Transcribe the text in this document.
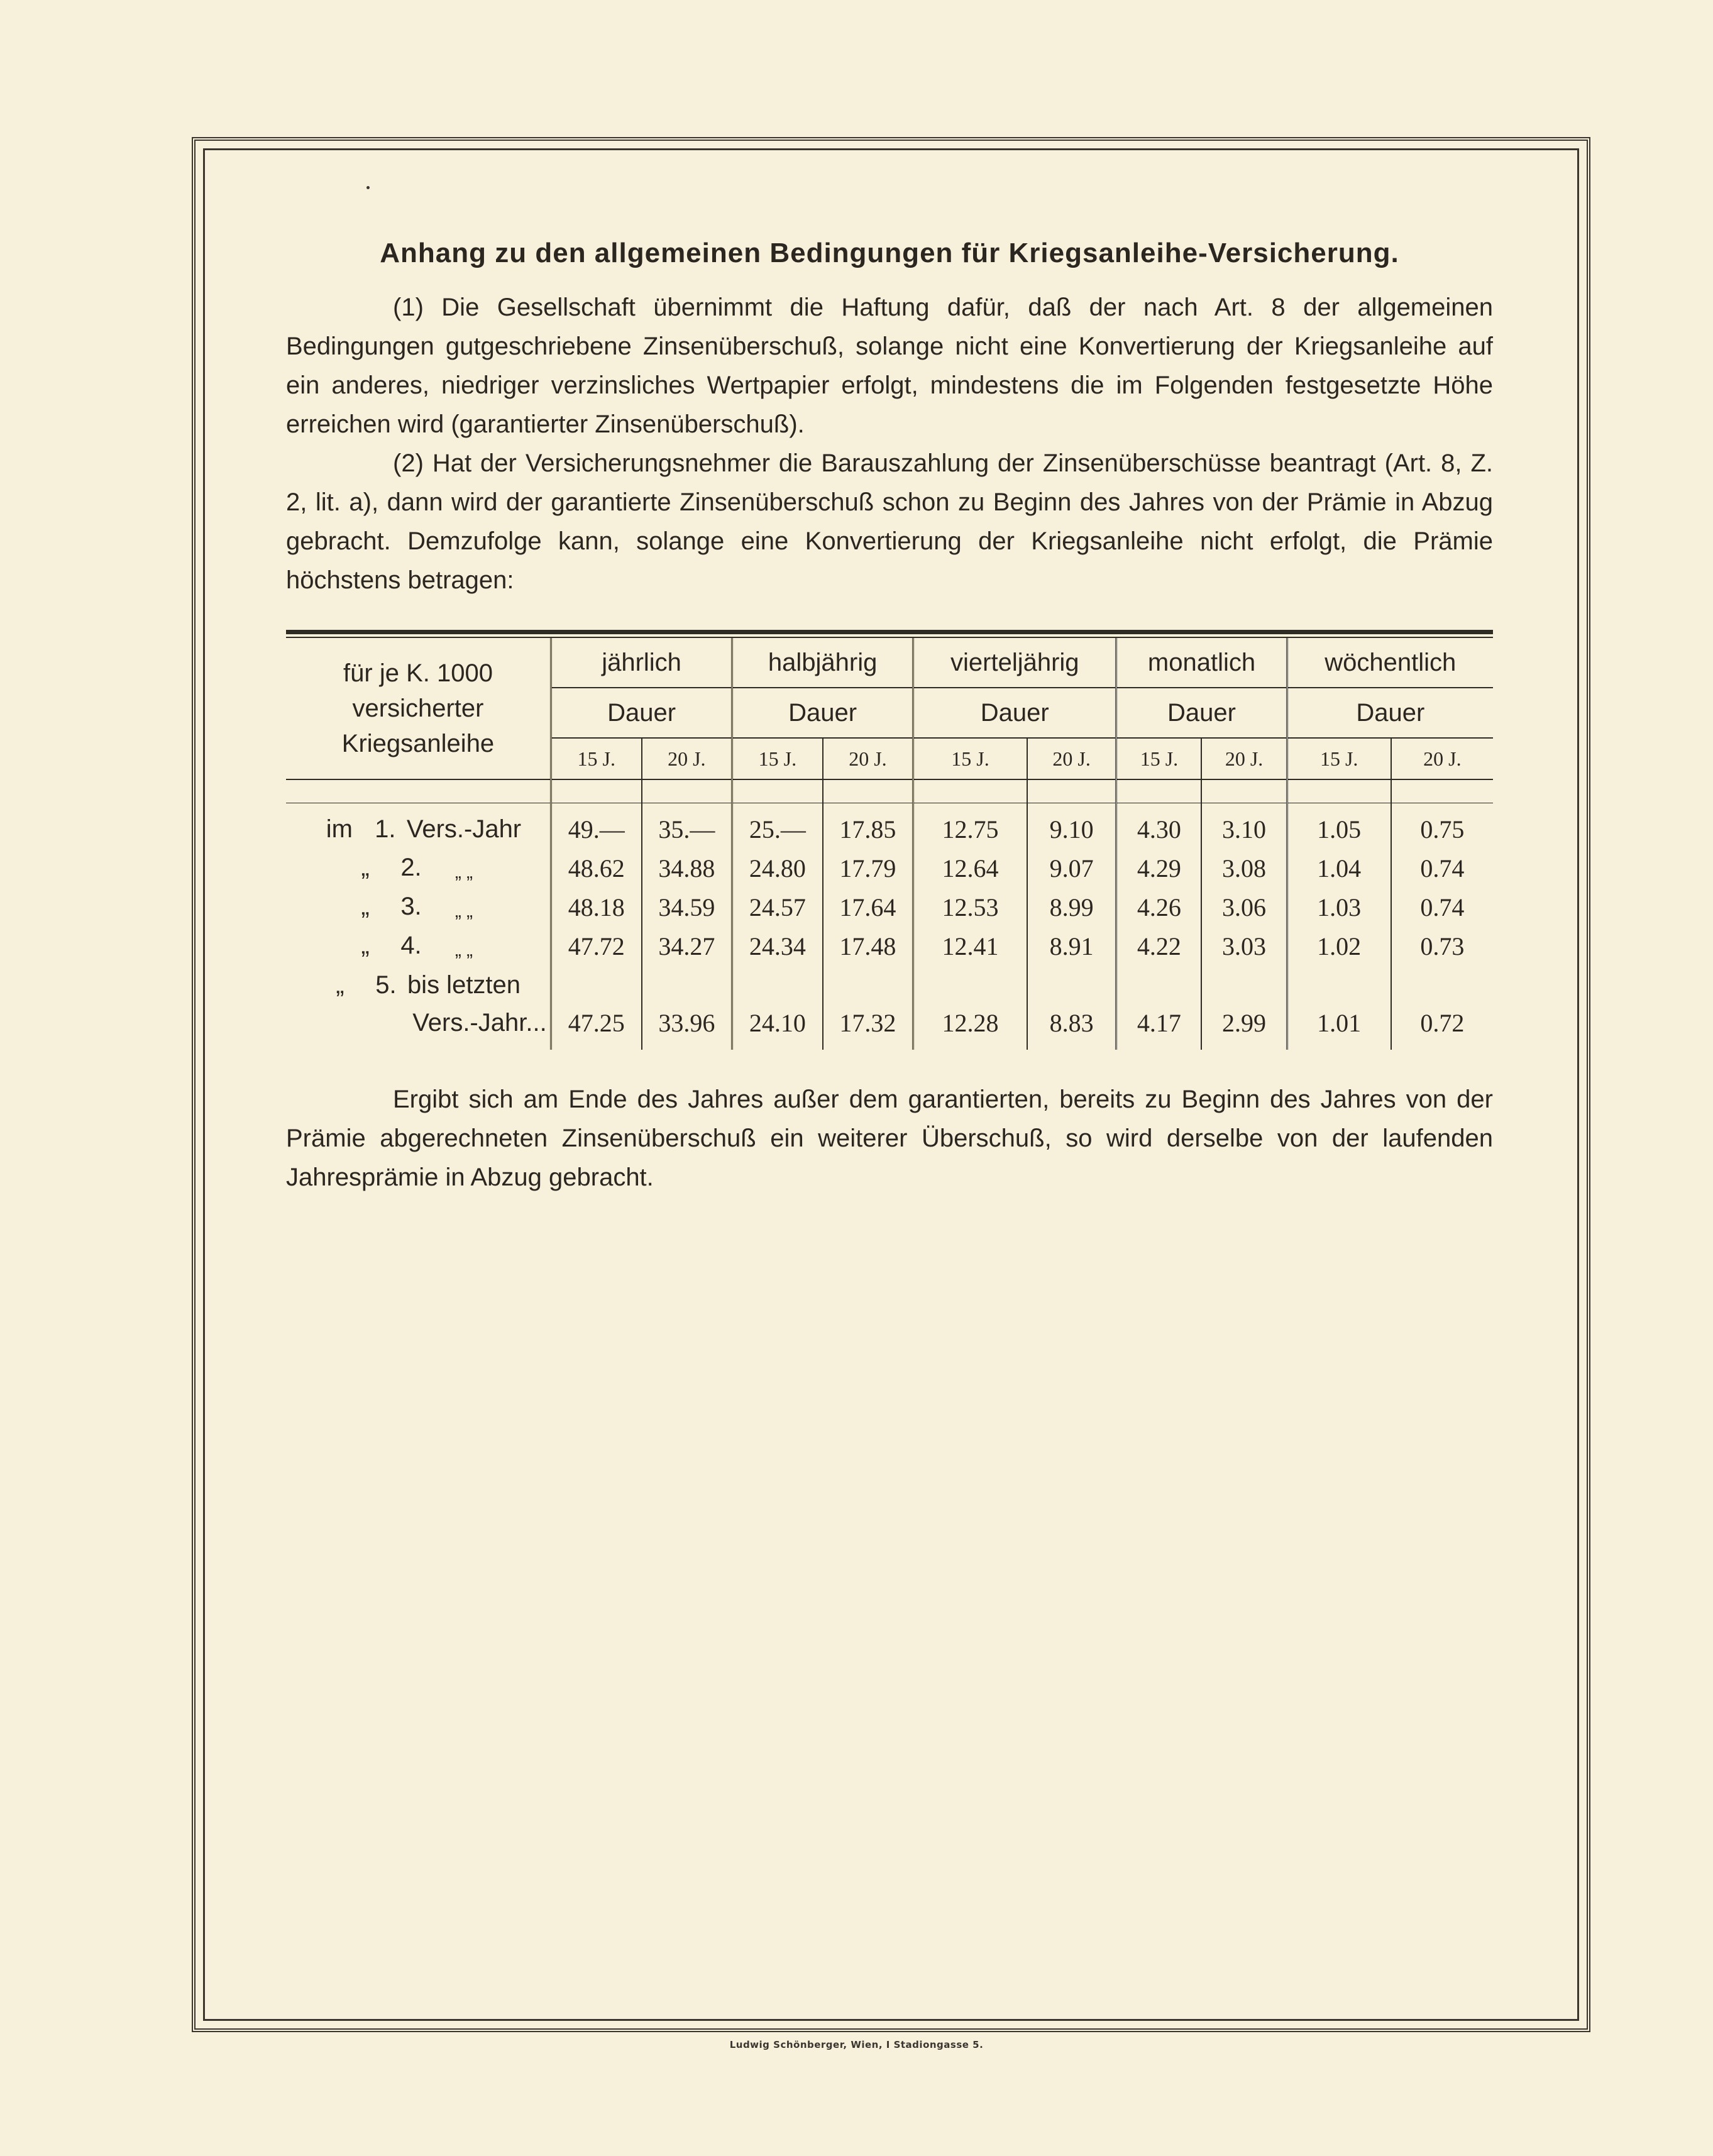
Anhang zu den allgemeinen Bedingungen für Kriegsanleihe-Versicherung.

(1) Die Gesellschaft übernimmt die Haftung dafür, daß der nach Art. 8 der allgemeinen Bedingungen gutgeschriebene Zinsenüberschuß, solange nicht eine Konvertierung der Kriegsanleihe auf ein anderes, niedriger verzinsliches Wertpapier erfolgt, mindestens die im Folgenden festgesetzte Höhe erreichen wird (garantierter Zinsenüberschuß).

(2) Hat der Versicherungsnehmer die Barauszahlung der Zinsenüberschüsse beantragt (Art. 8, Z. 2, lit. a), dann wird der garantierte Zinsenüberschuß schon zu Beginn des Jahres von der Prämie in Abzug gebracht. Demzufolge kann, solange eine Konvertierung der Kriegsanleihe nicht erfolgt, die Prämie höchstens betragen:

für je K. 1000
versicherter
Kriegsanleihe	jährlich		halbjährig		vierteljährig		monatlich		wöchentlich	
	Dauer		Dauer		Dauer		Dauer		Dauer	
	15 J.	20 J.	15 J.	20 J.	15 J.	20 J.	15 J.	20 J.	15 J.	20 J.

im 1. Vers.-Jahr	49.—	35.—	25.—	17.85	12.75	9.10	4.30	3.10	1.05	0.75
„ 2. „ „	48.62	34.88	24.80	17.79	12.64	9.07	4.29	3.08	1.04	0.74
„ 3. „ „	48.18	34.59	24.57	17.64	12.53	8.99	4.26	3.06	1.03	0.74
„ 4. „ „	47.72	34.27	24.34	17.48	12.41	8.91	4.22	3.03	1.02	0.73
„ 5. bis letzten										
Vers.-Jahr...	47.25	33.96	24.10	17.32	12.28	8.83	4.17	2.99	1.01	0.72

Ergibt sich am Ende des Jahres außer dem garantierten, bereits zu Beginn des Jahres von der Prämie abgerechneten Zinsenüberschuß ein weiterer Überschuß, so wird derselbe von der laufenden Jahresprämie in Abzug gebracht.

Ludwig Schönberger, Wien, I Stadiongasse 5.
